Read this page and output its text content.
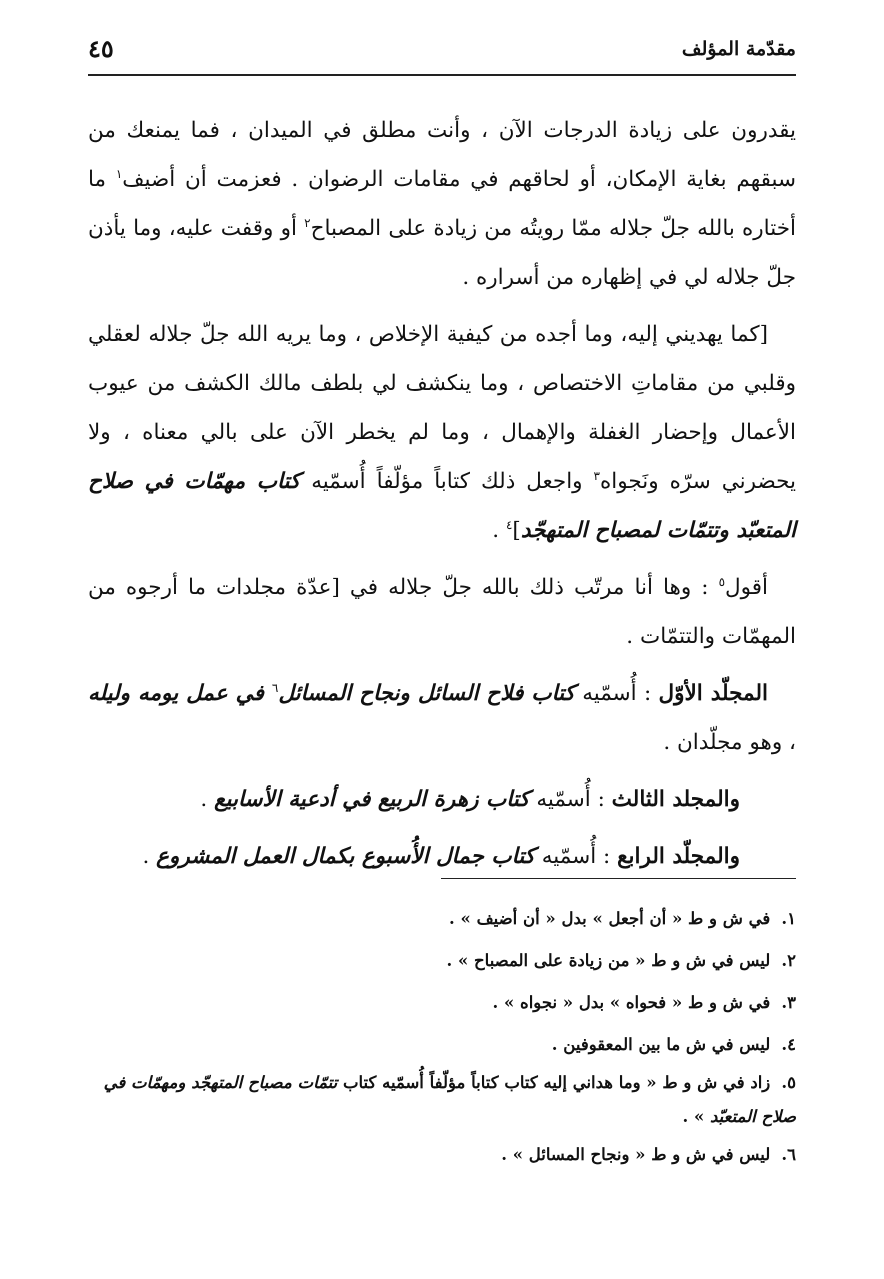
مقدّمة المؤلف
٤٥

يقدرون على زيادة الدرجات الآن ، وأنت مطلق في الميدان ، فما يمنعك من سبقهم بغاية الإمكان، أو لحاقهم في مقامات الرضوان . فعزمت أن أضيف$^١$ ما أختاره بالله جلّ جلاله ممّا رويتُه من زيادة على المصباح$^٢$ أو وقفت عليه، وما يأذن جلّ جلاله لي في إظهاره من أسراره .

[كما يهديني إليه، وما أجده من كيفية الإخلاص ، وما يريه الله جلّ جلاله لعقلي وقلبي من مقاماتِ الاختصاص ، وما ينكشف لي بلطف مالك الكشف من عيوب الأعمال وإحضار الغفلة والإهمال ، وما لم يخطر الآن على بالي معناه ، ولا يحضرني سرّه ونَجواه$^٣$ واجعل ذلك كتاباً مؤلّفاً أُسمّيه كتاب مهمّات في صلاح المتعبّد وتتمّات لمصباح المتهجّد]$^٤$ .

أقول$^٥$ : وها أنا مرتّب ذلك بالله جلّ جلاله في [عدّة مجلدات ما أرجوه من المهمّات والتتمّات .

المجلّد الأوّل : أُسمّيه كتاب فلاح السائل ونجاح المسائل$^٦$ في عمل يومه وليله ، وهو مجلّدان .

والمجلد الثالث : أُسمّيه كتاب زهرة الربيع في أدعية الأسابيع .

والمجلّد الرابع : أُسمّيه كتاب جمال الأُسبوع بكمال العمل المشروع .

١. في ش و ط « أن أجعل » بدل « أن أضيف » .

٢. ليس في ش و ط « من زيادة على المصباح » .

٣. في ش و ط « فحواه » بدل « نجواه » .

٤. ليس في ش ما بين المعقوفين .

٥. زاد في ش و ط « وما هداني إليه كتاب كتاباً مؤلّفاً أُسمّيه كتاب تتمّات مصباح المتهجّد ومهمّات في صلاح المتعبّد » .

٦. ليس في ش و ط « ونجاح المسائل » .
